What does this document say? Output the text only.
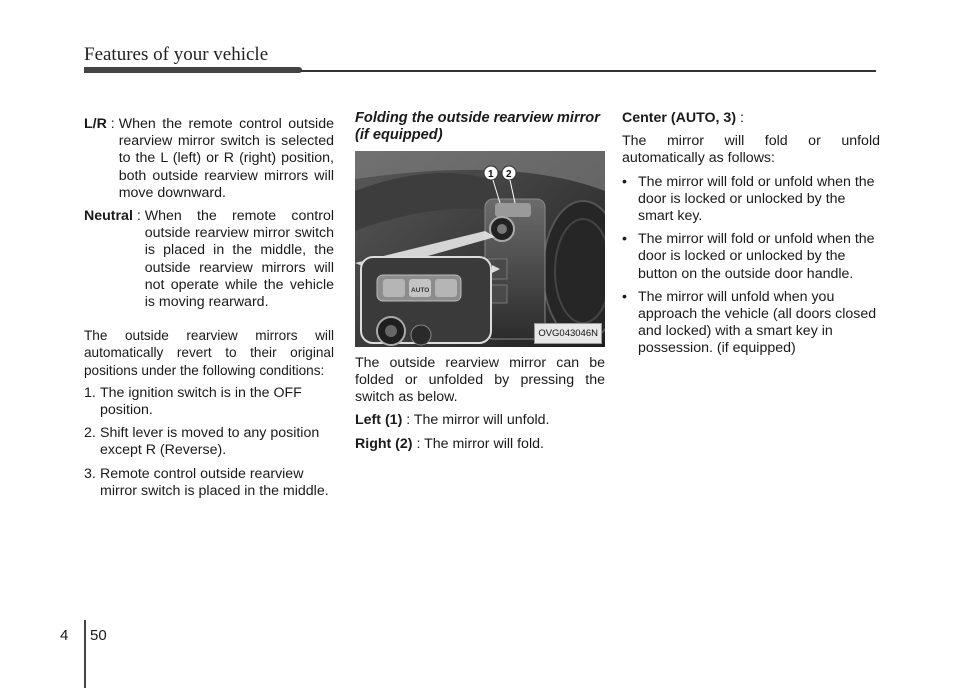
Features of your vehicle
L/R : When the remote control outside rearview mirror switch is selected to the L (left) or R (right) position, both outside rearview mirrors will move downward.
Neutral : When the remote control outside rearview mirror switch is placed in the middle, the outside rearview mirrors will not operate while the vehicle is moving rearward.
The outside rearview mirrors will automatically revert to their original positions under the following conditions:
1. The ignition switch is in the OFF position.
2. Shift lever is moved to any position except R (Reverse).
3. Remote control outside rearview mirror switch is placed in the middle.
Folding the outside rearview mirror (if equipped)
AUTO
1 2
OVG043046N

The outside rearview mirror can be folded or unfolded by pressing the switch as below.

Left (1) : The mirror will unfold.
Right (2) : The mirror will fold.
Center (AUTO, 3) :

The mirror will fold or unfold automatically as follows:

• The mirror will fold or unfold when the door is locked or unlocked by the smart key.
• The mirror will fold or unfold when the door is locked or unlocked by the button on the outside door handle.
• The mirror will unfold when you approach the vehicle (all doors closed and locked) with a smart key in possession. (if equipped)
4 50
